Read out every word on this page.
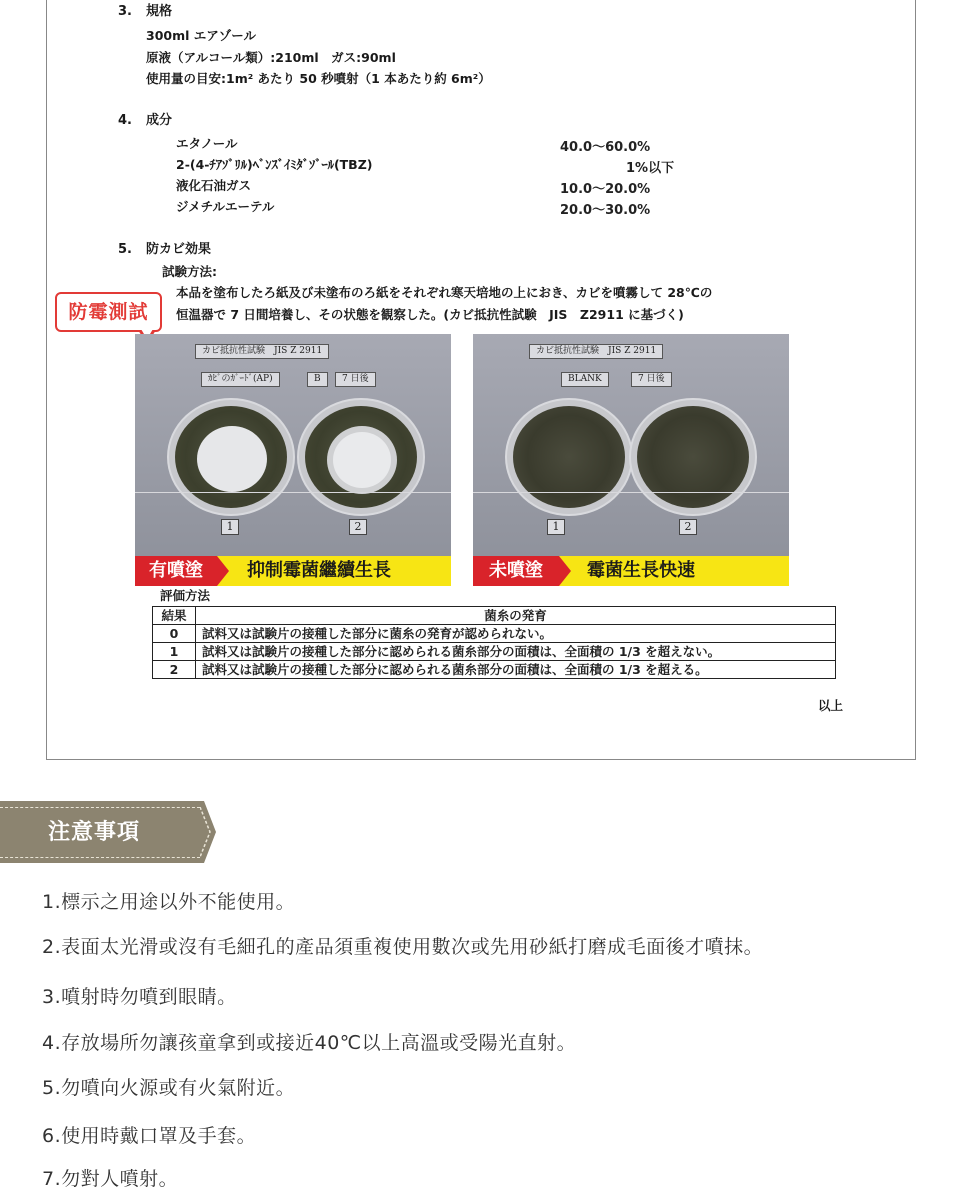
3. 規格
300ml エアゾール
原液（アルコール類）:210ml　ガス:90ml
使用量の目安:1m² あたり 50 秒噴射（1 本あたり約 6m²）
4. 成分
エタノール	40.0～60.0%
2-(4-ﾁｱｿﾞﾘﾙ)ﾍﾞﾝｽﾞｲﾐﾀﾞｿﾞｰﾙ(TBZ)	1%以下
液化石油ガス	10.0～20.0%
ジメチルエーテル	20.0～30.0%
5. 防カビ効果
試験方法:
本品を塗布したろ紙及び未塗布のろ紙をそれぞれ寒天培地の上におき、カビを噴霧して 28℃の
恒温器で 7 日間培養し、その状態を観察した。(カビ抵抗性試験　JIS　Z2911 に基づく)
防霉測試
カビ抵抗性試験　JIS Z 2911
ｶﾋﾞのｶﾞｰﾄﾞ(AP)	B	7 日後
1	2
カビ抵抗性試験　JIS Z 2911
BLANK	7 日後
1	2
有噴塗	抑制霉菌繼續生長	未噴塗	霉菌生長快速
評価方法
結果	菌糸の発育
0	試料又は試験片の接種した部分に菌糸の発育が認められない。
1	試料又は試験片の接種した部分に認められる菌糸部分の面積は、全面積の 1/3 を超えない。
2	試料又は試験片の接種した部分に認められる菌糸部分の面積は、全面積の 1/3 を超える。
以上
注意事項
1.標示之用途以外不能使用。
2.表面太光滑或沒有毛細孔的產品須重複使用數次或先用砂紙打磨成毛面後才噴抹。
3.噴射時勿噴到眼睛。
4.存放場所勿讓孩童拿到或接近40℃以上高溫或受陽光直射。
5.勿噴向火源或有火氣附近。
6.使用時戴口罩及手套。
7.勿對人噴射。
